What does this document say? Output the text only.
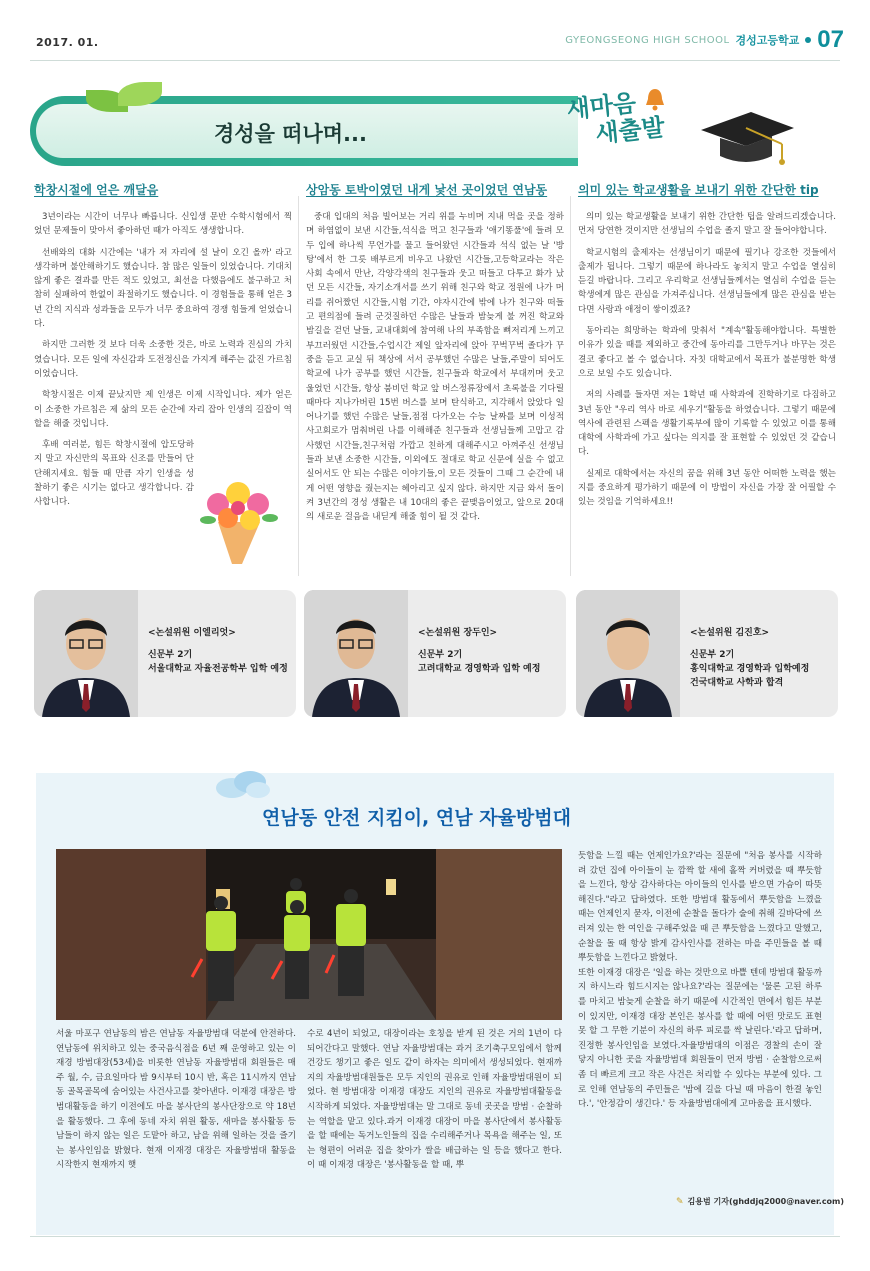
2017. 01.	GYEONGSEONG HIGH SCHOOL 경성고등학교 07
경성을 떠나며...
새마음
새출발
학창시절에 얻은 깨달음

3년이라는 시간이 너무나 빠릅니다. 신입생 문반 수학시험에서 찍었던 문제들이 맞아서 좋아하던 때가 아직도 생생합니다.

선배와의 대화 시간에는 '내가 저 자리에 설 날이 오긴 올까' 라고 생각하며 불안해하기도 했습니다. 참 많은 일들이 있었습니다. 기대치 않게 좋은 결과를 만든 적도 있었고, 최선을 다했음에도 불구하고 처참히 실패하여 한없이 좌절하기도 했습니다. 이 경험들을 통해 얻은 3년 간의 지식과 성과들을 모두가 너무 중요하여 경쟁 힘들게 얻었습니다.

하지만 그러한 것 보다 더욱 소중한 것은, 바로 노력과 진심의 가치였습니다. 모든 일에 자신감과 도전정신을 가지게 해주는 값진 가르침이었습니다.

학창시절은 이제 끝났지만 제 인생은 이제 시작입니다. 제가 얻은 이 소중한 가르침은 제 삶의 모든 순간에 자리 잡아 인생의 길잡이 역할을 해줄 것입니다.

후배 여러분, 힘든 학창시절에 압도당하지 말고 자신만의 목표와 신조를 만들어 단단해지세요. 힘들 때 만큼 자기 인생을 성찰하기 좋은 시기는 없다고 생각합니다. 감사합니다.

상암동 토박이였던 내게 낯선 곳이었던 연남동

중대 입대의 처음 빌어보는 거리 위를 누비며 지내 먹을 곳을 정하며 하염없이 보낸 시간들,석식을 먹고 친구들과 '애기똥풀'에 들려 모두 입에 하나씩 무언가를 물고 들어왔던 시간들과 석식 없는 날 '방탕'에서 한 그릇 배부르게 비우고 나왔던 시간들,고등학교라는 작은 사회 속에서 만난, 각양각색의 친구들과 웃고 떠들고 다투고 화가 났던 모든 시간들, 자기소개서를 쓰기 위해 친구와 학교 정원에 나가 머리를 쥐어짰던 시간들,시험 기간, 야자시간에 밖에 나가 친구와 떠들고 편의점에 들려 군것질하던 수많은 날들과 밤늦게 불 꺼진 학교와 밤길을 걷던 날들, 교내대회에 참여해 나의 부족함을 뼈저리게 느끼고 부끄러웠던 시간들,수업시간 제일 앞자리에 앉아 꾸벅꾸벅 졸다가 꾸중을 듣고 교실 뒤 책상에 서서 공부했던 수많은 날들,주말이 되어도 학교에 나가 공부를 했던 시간들, 친구들과 학교에서 부대끼며 웃고 울었던 시간들, 항상 붐비던 학교 앞 버스정류장에서 초록불을 기다릴 때마다 지나가버린 15번 버스를 보며 탄식하고, 지각해서 앉았다 일어나기를 했던 수많은 날들,점점 다가오는 수능 날짜를 보며 이성적 사고회로가 멈춰버린 나를 이해해준 친구들과 선생님들께 고맙고 감사했던 시간들,친구처럼 가깝고 친하게 대해주시고 아껴주신 선생님들과 보낸 소중한 시간들, 이외에도 절대로 학교 신문에 실을 수 없고 실어서도 안 되는 수많은 이야기들,이 모든 것들이 그때 그 순간에 내게 어떤 영향을 줬는지는 헤아리고 싶지 않다. 하지만 지금 와서 돌이켜 3년간의 경성 생활은 내 10대의 좋은 끝맺음이었고, 앞으로 20대의 새로운 걸음을 내딛게 해줄 힘이 될 것 같다.

의미 있는 학교생활을 보내기 위한 간단한 tip

의미 있는 학교생활을 보내기 위한 간단한 팁을 알려드리겠습니다.먼저 당연한 것이지만 선생님의 수업을 졸지 말고 잘 들어야합니다.

학교시험의 출제자는 선생님이기 때문에 필기나 강조한 것들에서 출제가 됩니다. 그렇기 때문에 하나라도 놓치지 말고 수업을 열심히 듣길 바랍니다. 그리고 우리학교 선생님들께서는 열심히 수업을 듣는 학생에게 많은 관심을 가져주십니다. 선생님들에게 많은 관심을 받는다면 사랑과 애정이 쌓이겠죠?

동아리는 희망하는 학과에 맞춰서 "계속"활동해야합니다. 특별한 이유가 있을 때를 제외하고 중간에 동아리를 그만두거나 바꾸는 것은 결코 좋다고 볼 수 없습니다. 자칫 대학교에서 목표가 불분명한 학생으로 보일 수도 있습니다.

저의 사례를 들자면 저는 1학년 때 사학과에 진학하기로 다짐하고 3년 동안 "우리 역사 바로 세우기"활동을 하였습니다. 그렇기 때문에 역사에 관련된 스펙을 생활기록부에 많이 기록할 수 있었고 이를 통해 대학에 사학과에 가고 싶다는 의지를 잘 표현할 수 있었던 것 같습니다.

실제로 대학에서는 자신의 꿈을 위해 3년 동안 어떠한 노력을 했는지를 중요하게 평가하기 때문에 이 방법이 자신을 가장 잘 어필할 수 있는 것임을 기억하세요!!

<논설위원 이엘리엇>
신문부 2기
서울대학교 자율전공학부 입학 예정
<논설위원 장두인>
신문부 2기
고려대학교 경영학과 입학 예정
<논설위원 김진호>
신문부 2기
홍익대학교 경영학과 입학예정
건국대학교 사학과 합격
연남동 안전 지킴이, 연남 자율방범대
서울 마포구 연남동의 밤은 연남동 자율방범대 덕분에 안전하다. 연남동에 위치하고 있는 중국음식점을 6년 째 운영하고 있는 이재경 방범대장(53세)을 비롯한 연남동 자율방범대 회원들은 매주 월, 수, 금요일마다 밤 9시부터 10시 반, 혹은 11시까지 연남동 골목골목에 숨어있는 사건사고를 찾아낸다. 이재경 대장은 방범대활동을 하기 이전에도 마을 봉사단의 봉사단장으로 약 18년을 활동했다. 그 후에 동네 자치 위원 활동, 새마을 봉사활동 등 남들이 하지 않는 일은 도맡아 하고, 남을 위해 일하는 것을 즐기는 봉사인임을 밝혔다. 현재 이재경 대장은 자율방범대 활동을 시작한지 현재까지 햇
수로 4년이 되었고, 대장이라는 호칭을 받게 된 것은 거의 1년이 다 되어간다고 말했다. 연남 자율방범대는 과거 조기축구모임에서 함께 건강도 챙기고 좋은 일도 같이 하자는 의미에서 생성되었다. 현재까지의 자율방범대원들은 모두 지인의 권유로 인해 자율방범대원이 되었다. 현 방범대장 이재경 대장도 지인의 권유로 자율방범대활동을 시작하게 되었다. 자율방범대는 말 그대로 동네 곳곳을 방범 · 순찰하는 역할을 맡고 있다.과거 이재경 대장이 마을 봉사단에서 봉사활동을 할 때에는 독거노인들의 집을 수리해주거나 목욕을 해주는 일, 또는 형편이 어려운 집을 찾아가 쌀을 배급하는 일 등을 했다고 한다. 이 때 이재경 대장은 '봉사활동을 할 때, 뿌
듯함을 느낄 때는 언제인가요?'라는 질문에 "처음 봉사를 시작하려 갔던 집에 아이들이 눈 깜짝 할 새에 홀짝 커버렸을 때 뿌듯함을 느낀다, 항상 감사하다는 아이들의 인사를 받으면 가슴이 따뜻해진다."라고 답하였다. 또한 방범대 활동에서 뿌듯함을 느꼈을 때는 언제인지 묻자, 이전에 순찰을 돌다가 술에 취해 길바닥에 쓰러져 있는 한 여인을 구해주었을 때 큰 뿌듯함을 느꼈다고 말했고, 순찰을 돌 때 항상 밝게 감사인사를 전하는 마을 주민들을 볼 때 뿌듯함을 느낀다고 밝혔다.
또한 이재경 대장은 '일을 하는 것만으로 바쁠 텐데 방범대 활동까지 하시느라 힘드시지는 않나요?'라는 질문에는 '물론 고된 하루를 마치고 밤늦게 순찰을 하기 때문에 시간적인 면에서 힘든 부분이 있지만, 이재경 대장 본인은 봉사를 할 때에 어떤 맛로도 표현 못 할 그 무한 기분이 자신의 하루 피로를 싹 날린다.'라고 답하며, 진정한 봉사인임을 보였다.자율방범대의 이점은 경찰의 손이 잘 닿지 아니한 곳을 자율방범대 회원들이 먼저 방범 · 순찰함으로써 좀 더 빠르게 크고 작은 사건은 처리할 수 있다는 부분에 있다. 그로 인해 연남동의 주민들은 '밤에 길을 다닐 때 마음이 한결 놓인다.', '안정감이 생긴다.' 등 자율방범대에게 고마움을 표시했다.
✎ 김용범 기자(ghddjq2000@naver.com)
